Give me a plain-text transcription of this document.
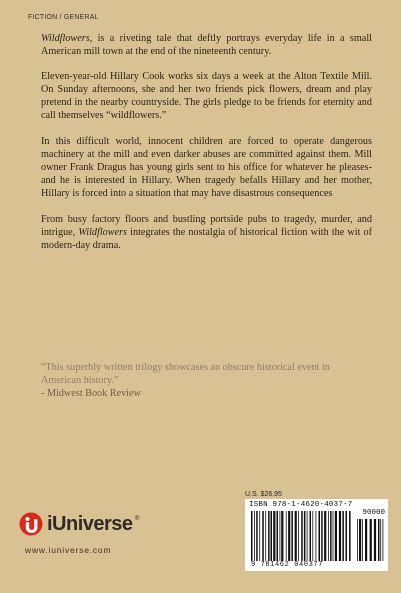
FICTION / GENERAL

Wildflowers, is a riveting tale that deftly portrays everyday life in a small American mill town at the end of the nineteenth century.

Eleven-year-old Hillary Cook works six days a week at the Alton Textile Mill. On Sunday afternoons, she and her two friends pick flowers, dream and play pretend in the nearby countryside. The girls pledge to be friends for eternity and call themselves “wildflowers.”

In this difficult world, innocent children are forced to operate dangerous machinery at the mill and even darker abuses are committed against them. Mill owner Frank Dragus has young girls sent to his office for whatever he pleases-and he is interested in Hillary. When tragedy befalls Hillary and her mother, Hillary is forced into a situation that may have disastrous consequences

From busy factory floors and bustling portside pubs to tragedy, murder, and intrigue, Wildflowers integrates the nostalgia of historical fiction with the wit of modern-day drama.

“This superbly written trilogy showcases an obscure historical event in American history.”
- Midwest Book Review
iUniverse ®
www.iuniverse.com
U.S. $26.95
ISBN 978-1-4620-4037-7
90000
9 781462 040377
